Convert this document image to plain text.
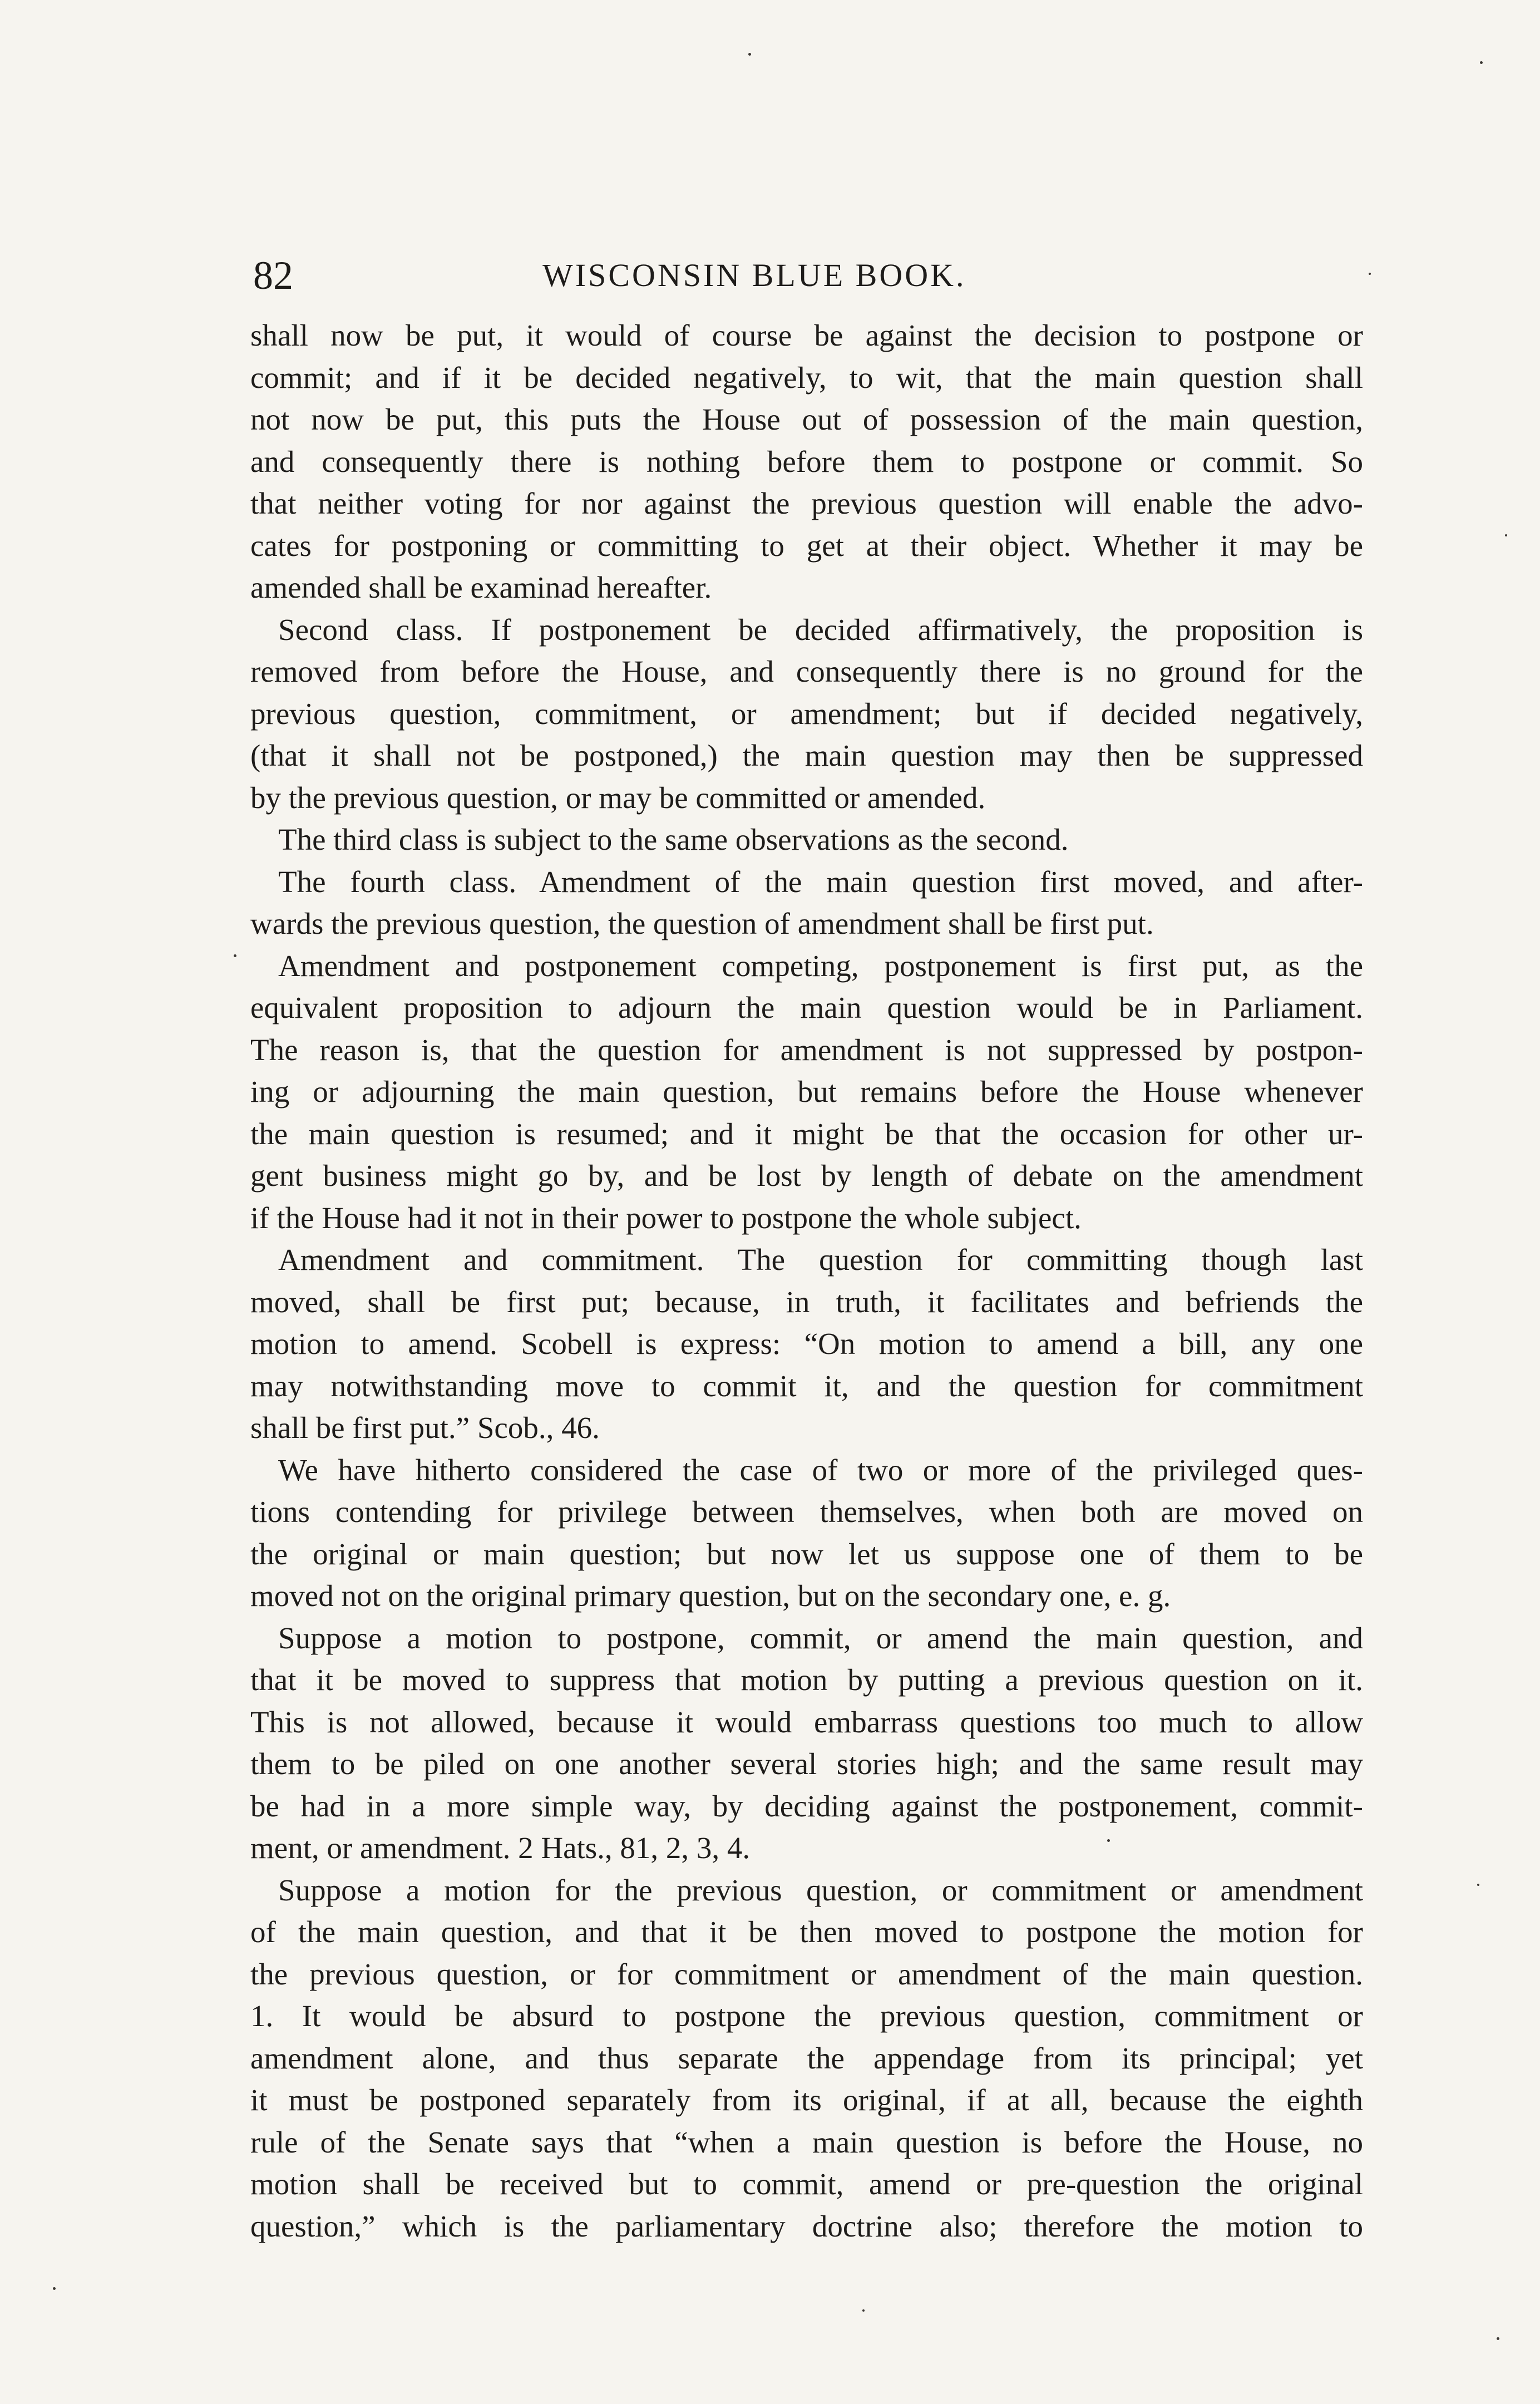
82	WISCONSIN BLUE BOOK.
shall now be put, it would of course be against the decision to postpone or
commit; and if it be decided negatively, to wit, that the main question shall
not now be put, this puts the House out of possession of the main question,
and consequently there is nothing before them to postpone or commit. So
that neither voting for nor against the previous question will enable the advo-
cates for postponing or committing to get at their object. Whether it may be
amended shall be examinad hereafter.
Second class. If postponement be decided affirmatively, the proposition is
removed from before the House, and consequently there is no ground for the
previous question, commitment, or amendment; but if decided negatively,
(that it shall not be postponed,) the main question may then be suppressed
by the previous question, or may be committed or amended.
The third class is subject to the same observations as the second.
The fourth class. Amendment of the main question first moved, and after-
wards the previous question, the question of amendment shall be first put.
Amendment and postponement competing, postponement is first put, as the
equivalent proposition to adjourn the main question would be in Parliament.
The reason is, that the question for amendment is not suppressed by postpon-
ing or adjourning the main question, but remains before the House whenever
the main question is resumed; and it might be that the occasion for other ur-
gent business might go by, and be lost by length of debate on the amendment
if the House had it not in their power to postpone the whole subject.
Amendment and commitment. The question for committing though last
moved, shall be first put; because, in truth, it facilitates and befriends the
motion to amend. Scobell is express: “On motion to amend a bill, any one
may notwithstanding move to commit it, and the question for commitment
shall be first put.” Scob., 46.
We have hitherto considered the case of two or more of the privileged ques-
tions contending for privilege between themselves, when both are moved on
the original or main question; but now let us suppose one of them to be
moved not on the original primary question, but on the secondary one, e. g.
Suppose a motion to postpone, commit, or amend the main question, and
that it be moved to suppress that motion by putting a previous question on it.
This is not allowed, because it would embarrass questions too much to allow
them to be piled on one another several stories high; and the same result may
be had in a more simple way, by deciding against the postponement, commit-
ment, or amendment. 2 Hats., 81, 2, 3, 4.
Suppose a motion for the previous question, or commitment or amendment
of the main question, and that it be then moved to postpone the motion for
the previous question, or for commitment or amendment of the main question.
1. It would be absurd to postpone the previous question, commitment or
amendment alone, and thus separate the appendage from its principal; yet
it must be postponed separately from its original, if at all, because the eighth
rule of the Senate says that “when a main question is before the House, no
motion shall be received but to commit, amend or pre-question the original
question,” which is the parliamentary doctrine also; therefore the motion to
